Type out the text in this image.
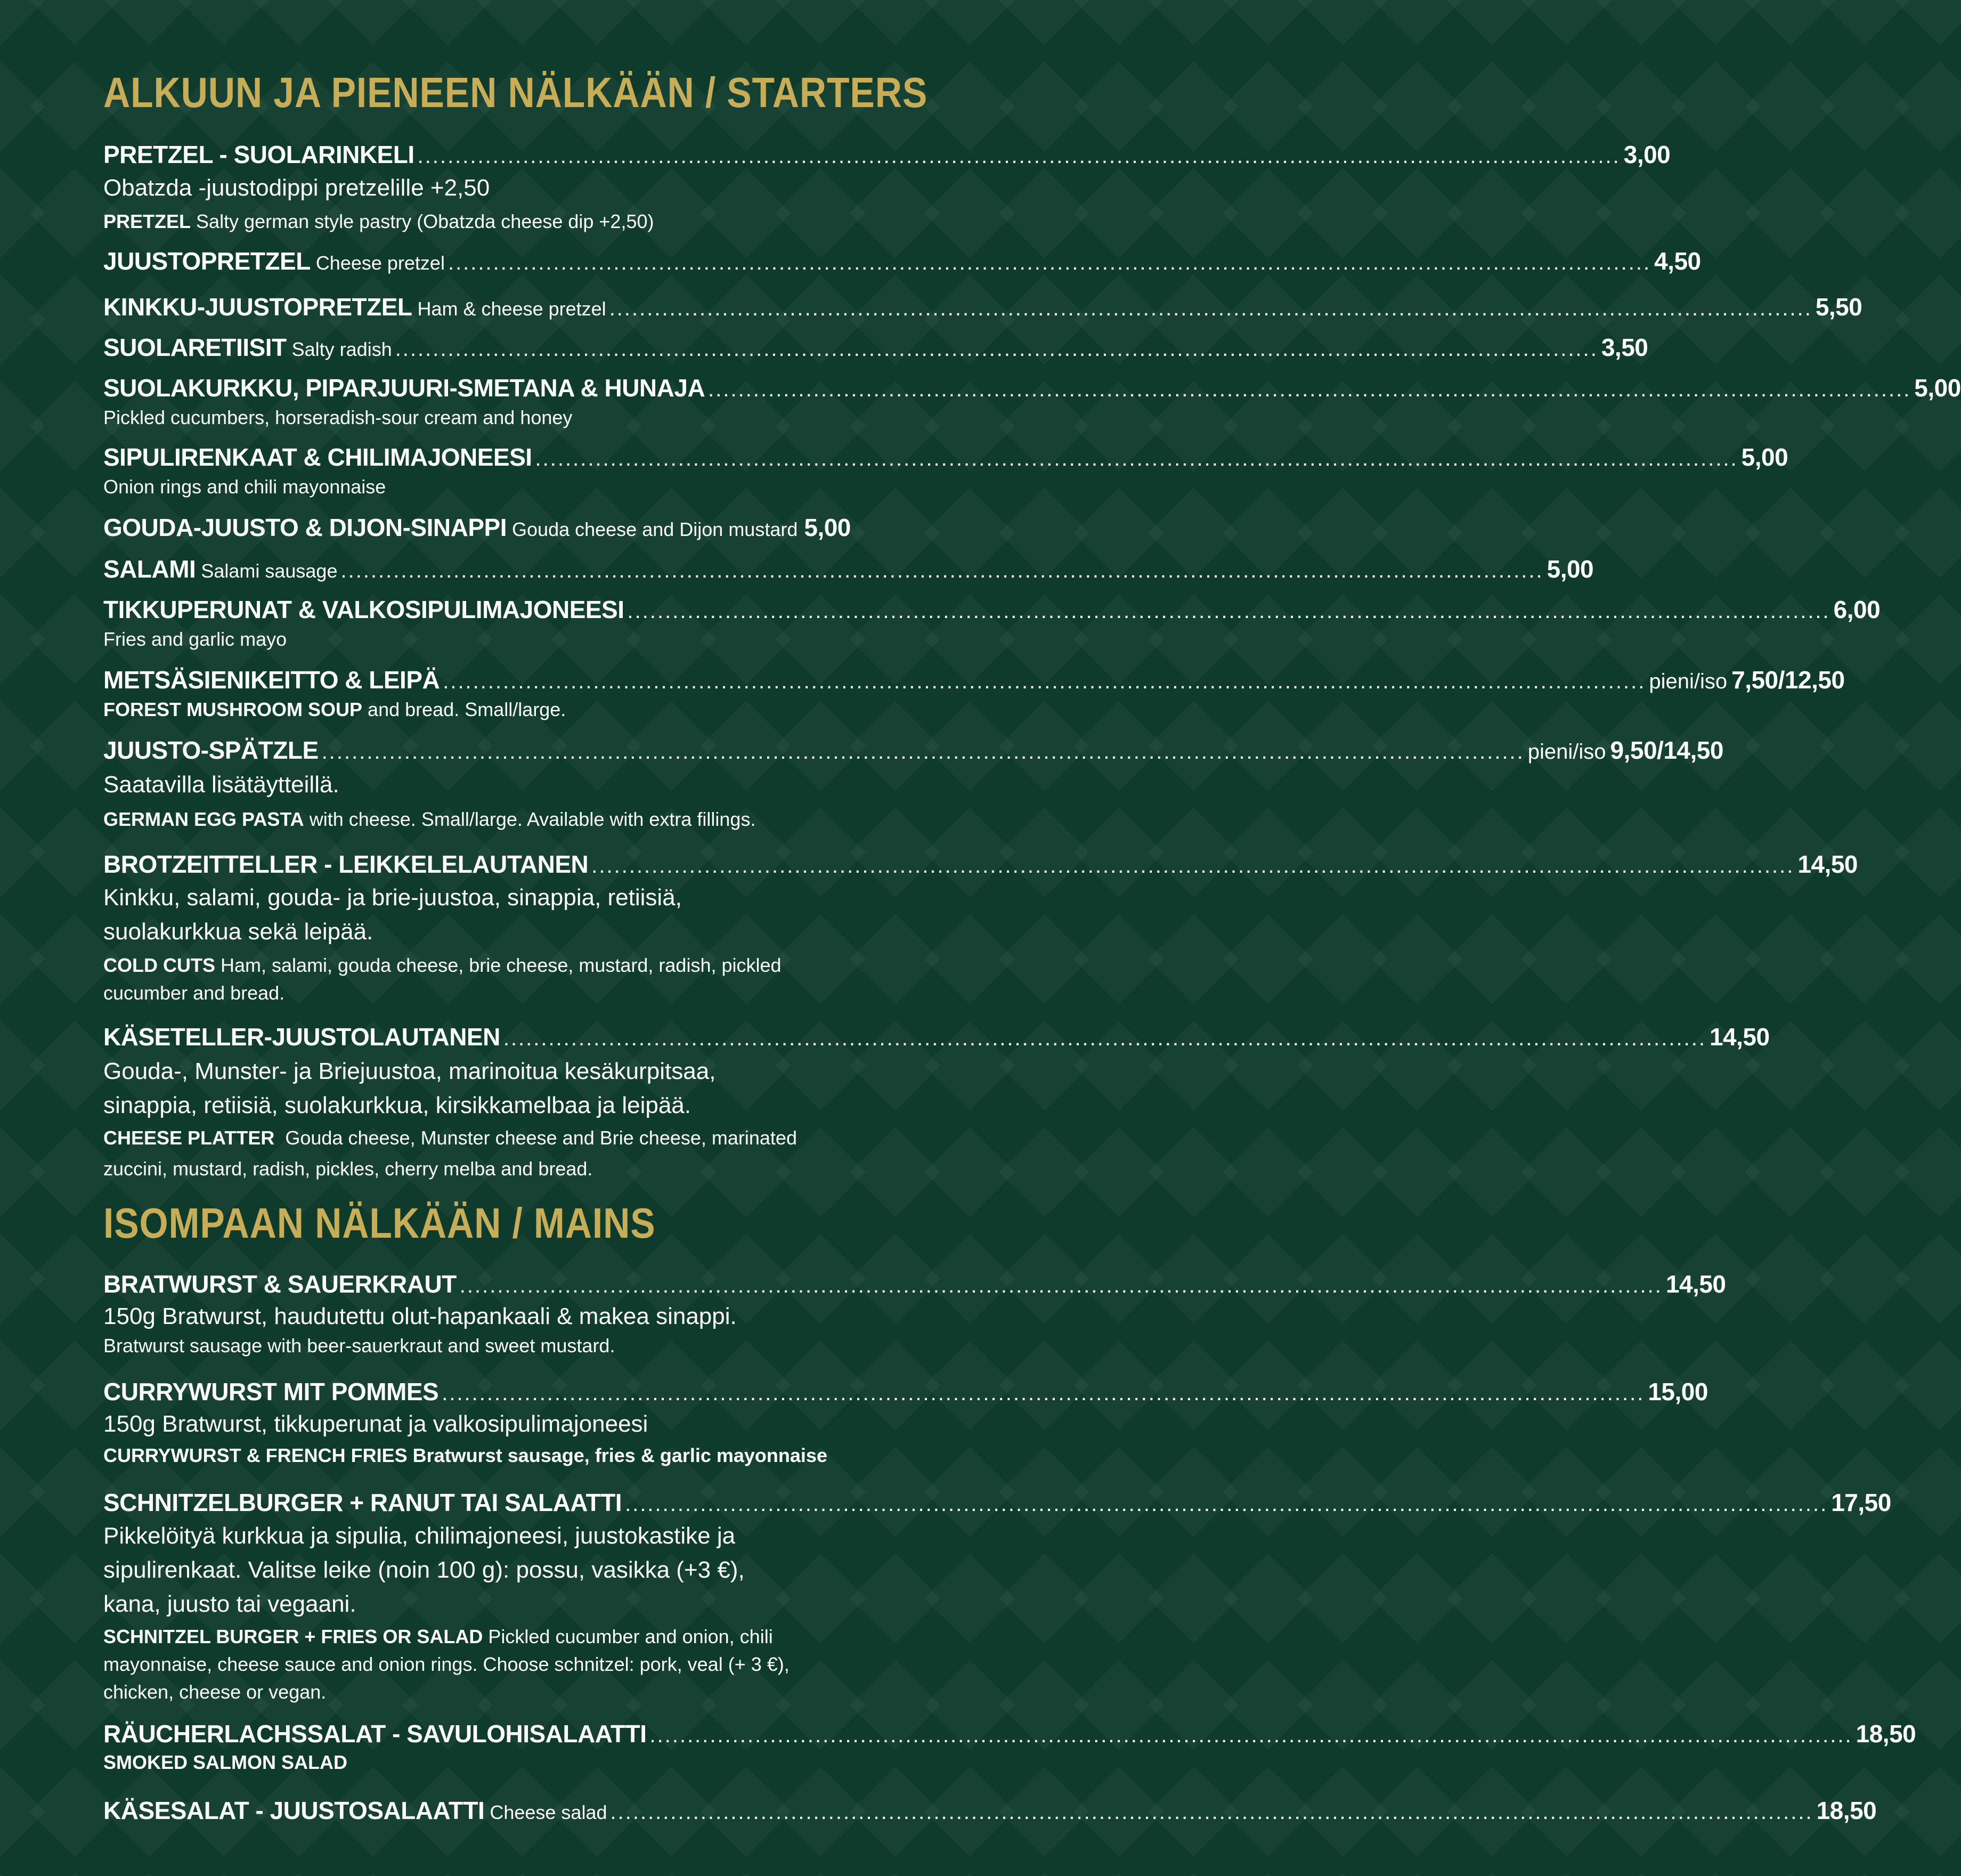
ALKUUN JA PIENEEN NÄLKÄÄN / STARTERS
PRETZEL - SUOLARINKELI ................................................................................................................................................................ 3,00
Obatzda -juustodippi pretzelille +2,50
PRETZEL Salty german style pastry (Obatzda cheese dip +2,50)
JUUSTOPRETZEL Cheese pretzel ................................................................................................................................................................ 4,50
KINKKU-JUUSTOPRETZEL Ham & cheese pretzel ................................................................................................................................................................ 5,50
SUOLARETIISIT Salty radish ................................................................................................................................................................ 3,50
SUOLAKURKKU, PIPARJUURI-SMETANA & HUNAJA ................................................................................................................................................................ 5,00
Pickled cucumbers, horseradish-sour cream and honey
SIPULIRENKAAT & CHILIMAJONEESI ................................................................................................................................................................ 5,00
Onion rings and chili mayonnaise
GOUDA-JUUSTO & DIJON-SINAPPI Gouda cheese and Dijon mustard 5,00
SALAMI Salami sausage ................................................................................................................................................................ 5,00
TIKKUPERUNAT & VALKOSIPULIMAJONEESI ................................................................................................................................................................ 6,00
Fries and garlic mayo
METSÄSIENIKEITTO & LEIPÄ ................................................................................................................................................................ pieni/iso 7,50/12,50
FOREST MUSHROOM SOUP and bread. Small/large.
JUUSTO-SPÄTZLE ................................................................................................................................................................ pieni/iso 9,50/14,50
Saatavilla lisätäytteillä.
GERMAN EGG PASTA with cheese. Small/large. Available with extra fillings.
BROTZEITTELLER - LEIKKELELAUTANEN ................................................................................................................................................................ 14,50
Kinkku, salami, gouda- ja brie-juustoa, sinappia, retiisiä,
suolakurkkua sekä leipää.
COLD CUTS Ham, salami, gouda cheese, brie cheese, mustard, radish, pickled
cucumber and bread.
KÄSETELLER-JUUSTOLAUTANEN ................................................................................................................................................................ 14,50
Gouda-, Munster- ja Briejuustoa, marinoitua kesäkurpitsaa,
sinappia, retiisiä, suolakurkkua, kirsikkamelbaa ja leipää.
CHEESE PLATTER Gouda cheese, Munster cheese and Brie cheese, marinated
zuccini, mustard, radish, pickles, cherry melba and bread.
ISOMPAAN NÄLKÄÄN / MAINS
BRATWURST & SAUERKRAUT ................................................................................................................................................................ 14,50
150g Bratwurst, haudutettu olut-hapankaali & makea sinappi.
Bratwurst sausage with beer-sauerkraut and sweet mustard.
CURRYWURST MIT POMMES ................................................................................................................................................................ 15,00
150g Bratwurst, tikkuperunat ja valkosipulimajoneesi
CURRYWURST & FRENCH FRIES Bratwurst sausage, fries & garlic mayonnaise
SCHNITZELBURGER + RANUT TAI SALAATTI ................................................................................................................................................................ 17,50
Pikkelöityä kurkkua ja sipulia, chilimajoneesi, juustokastike ja
sipulirenkaat. Valitse leike (noin 100 g): possu, vasikka (+3 €),
kana, juusto tai vegaani.
SCHNITZEL BURGER + FRIES OR SALAD Pickled cucumber and onion, chili
mayonnaise, cheese sauce and onion rings. Choose schnitzel: pork, veal (+ 3 €),
chicken, cheese or vegan.
RÄUCHERLACHSSALAT - SAVULOHISALAATTI ................................................................................................................................................................ 18,50
SMOKED SALMON SALAD
KÄSESALAT - JUUSTOSALAATTI Cheese salad ................................................................................................................................................................ 18,50
